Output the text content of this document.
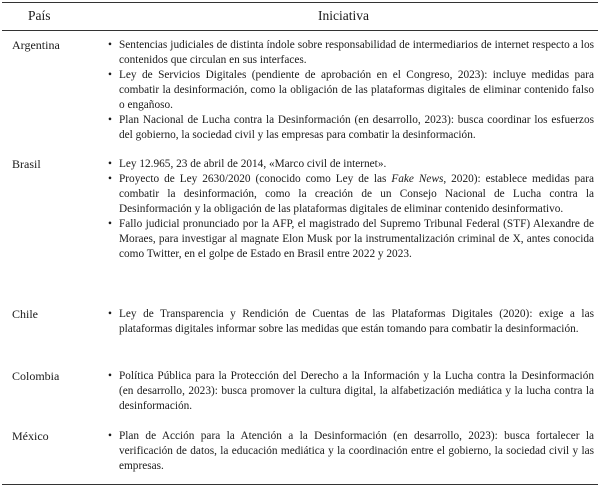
País	Iniciativa
Argentina	• Sentencias judiciales de distinta índole sobre responsabilidad de intermediarios de internet respecto a los contenidos que circulan en sus interfaces.
• Ley de Servicios Digitales (pendiente de aprobación en el Congreso, 2023): incluye medidas para combatir la desinformación, como la obligación de las plataformas digitales de eliminar contenido falso o engañoso.
• Plan Nacional de Lucha contra la Desinformación (en desarrollo, 2023): busca coordinar los esfuerzos del gobierno, la sociedad civil y las empresas para combatir la desinformación.
Brasil	• Ley 12.965, 23 de abril de 2014, «Marco civil de internet».
• Proyecto de Ley 2630/2020 (conocido como Ley de las Fake News, 2020): establece medidas para combatir la desinformación, como la creación de un Consejo Nacional de Lucha contra la Desinformación y la obligación de las plataformas digitales de eliminar contenido desinformativo.
• Fallo judicial pronunciado por la AFP, el magistrado del Supremo Tribunal Federal (STF) Alexandre de Moraes, para investigar al magnate Elon Musk por la instrumentalización criminal de X, antes conocida como Twitter, en el golpe de Estado en Brasil entre 2022 y 2023.
Chile	• Ley de Transparencia y Rendición de Cuentas de las Plataformas Digitales (2020): exige a las plataformas digitales informar sobre las medidas que están tomando para combatir la desinformación.
Colombia	• Política Pública para la Protección del Derecho a la Información y la Lucha contra la Desinformación (en desarrollo, 2023): busca promover la cultura digital, la alfabetización mediática y la lucha contra la desinformación.
México	• Plan de Acción para la Atención a la Desinformación (en desarrollo, 2023): busca fortalecer la verificación de datos, la educación mediática y la coordinación entre el gobierno, la sociedad civil y las empresas.
